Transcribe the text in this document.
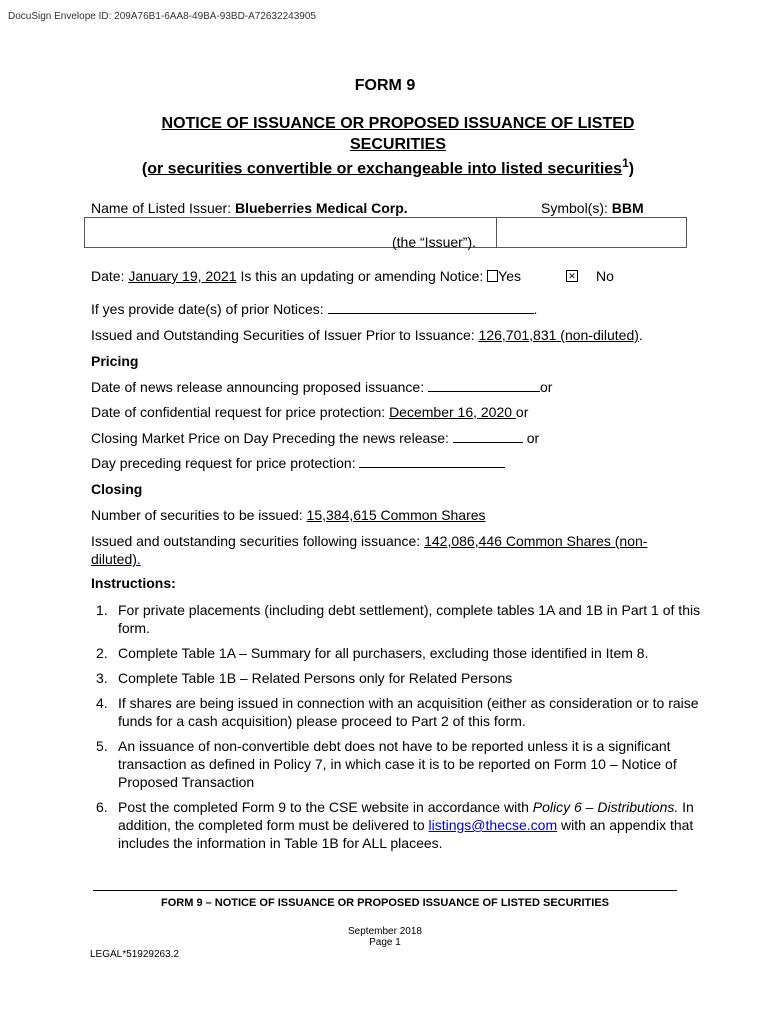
DocuSign Envelope ID: 209A76B1-6AA8-49BA-93BD-A72632243905
FORM 9
NOTICE OF ISSUANCE OR PROPOSED ISSUANCE OF LISTED SECURITIES
(or securities convertible or exchangeable into listed securities$^1$)
Name of Listed Issuer: Blueberries Medical Corp.	Symbol(s): BBM
(the “Issuer”).
Date: January 19, 2021 Is this an updating or amending Notice: Yes	✕ No
If yes provide date(s) of prior Notices:	.
Issued and Outstanding Securities of Issuer Prior to Issuance: 126,701,831 (non-diluted).
Pricing
Date of news release announcing proposed issuance:	or
Date of confidential request for price protection: December 16, 2020 or
Closing Market Price on Day Preceding the news release:	or
Day preceding request for price protection:
Closing
Number of securities to be issued: 15,384,615 Common Shares
Issued and outstanding securities following issuance: 142,086,446 Common Shares (non-
diluted).
Instructions:
1. For private placements (including debt settlement), complete tables 1A and 1B in Part 1 of this form.
2. Complete Table 1A – Summary for all purchasers, excluding those identified in Item 8.
3. Complete Table 1B – Related Persons only for Related Persons
4. If shares are being issued in connection with an acquisition (either as consideration or to raise funds for a cash acquisition) please proceed to Part 2 of this form.
5. An issuance of non-convertible debt does not have to be reported unless it is a significant transaction as defined in Policy 7, in which case it is to be reported on Form 10 – Notice of Proposed Transaction
6. Post the completed Form 9 to the CSE website in accordance with Policy 6 – Distributions. In addition, the completed form must be delivered to listings@thecse.com with an appendix that includes the information in Table 1B for ALL placees.
FORM 9 – NOTICE OF ISSUANCE OR PROPOSED ISSUANCE OF LISTED SECURITIES
September 2018
Page 1
LEGAL*51929263.2
